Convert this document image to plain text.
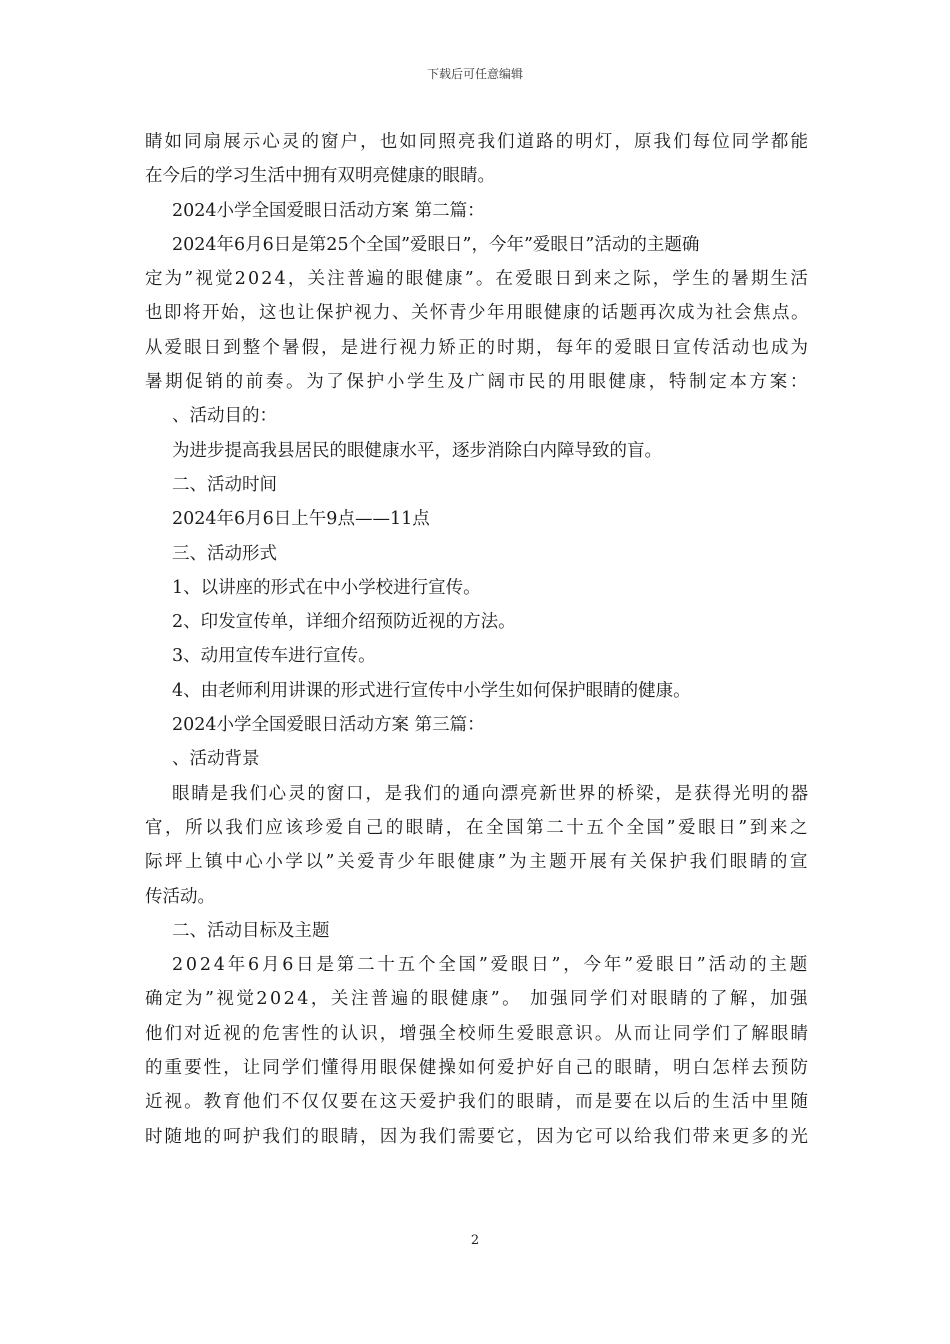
下载后可任意编辑
睛如同扇展示心灵的窗户，也如同照亮我们道路的明灯，原我们每位同学都能
在今后的学习生活中拥有双明亮健康的眼睛。
2024小学全国爱眼日活动方案 第二篇：
2024年6月6日是第25个全国”爱眼日”，今年”爱眼日”活动的主题确
定为”视觉2024，关注普遍的眼健康”。在爱眼日到来之际，学生的暑期生活
也即将开始，这也让保护视力、关怀青少年用眼健康的话题再次成为社会焦点。
从爱眼日到整个暑假，是进行视力矫正的时期，每年的爱眼日宣传活动也成为
暑期促销的前奏。为了保护小学生及广阔市民的用眼健康，特制定本方案：
、活动目的：
为进步提高我县居民的眼健康水平，逐步消除白内障导致的盲。
二、活动时间
2024年6月6日上午9点——11点
三、活动形式
1、以讲座的形式在中小学校进行宣传。
2、印发宣传单，详细介绍预防近视的方法。
3、动用宣传车进行宣传。
4、由老师利用讲课的形式进行宣传中小学生如何保护眼睛的健康。
2024小学全国爱眼日活动方案 第三篇：
、活动背景
眼睛是我们心灵的窗口，是我们的通向漂亮新世界的桥梁，是获得光明的器
官，所以我们应该珍爱自己的眼睛，在全国第二十五个全国”爱眼日”到来之
际坪上镇中心小学以”关爱青少年眼健康”为主题开展有关保护我们眼睛的宣
传活动。
二、活动目标及主题
2024年6月6日是第二十五个全国”爱眼日”，今年”爱眼日”活动的主题
确定为”视觉2024，关注普遍的眼健康”。 加强同学们对眼睛的了解，加强
他们对近视的危害性的认识，增强全校师生爱眼意识。从而让同学们了解眼睛
的重要性，让同学们懂得用眼保健操如何爱护好自己的眼睛，明白怎样去预防
近视。教育他们不仅仅要在这天爱护我们的眼睛，而是要在以后的生活中里随
时随地的呵护我们的眼睛，因为我们需要它，因为它可以给我们带来更多的光
2
